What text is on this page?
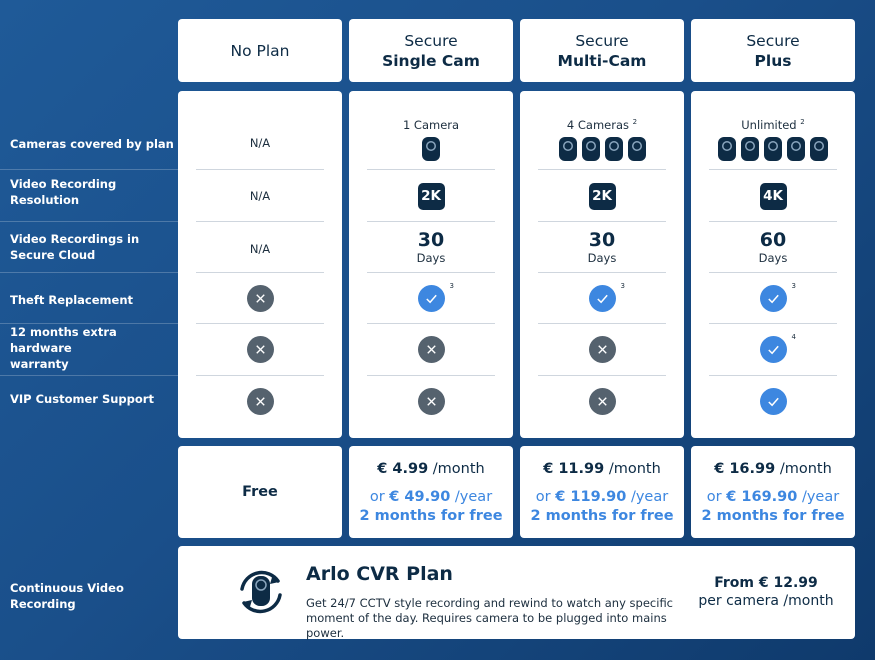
Cameras covered by plan
Video Recording Resolution
Video Recordings in Secure Cloud
Theft Replacement
12 months extra hardware warranty
VIP Customer Support
Continuous Video Recording
No Plan
N/A
N/A
N/A
Free
Secure
Single Cam
1 Camera
2K
30
Days
3
€ 4.99 /month
or € 49.90 /year
2 months for free
Secure
Multi-Cam
4 Cameras $^2$
2K
30
Days
3
€ 11.99 /month
or € 119.90 /year
2 months for free
Secure
Plus
Unlimited $^2$
4K
60
Days
3
4
€ 16.99 /month
or € 169.90 /year
2 months for free
Arlo CVR Plan
Get 24/7 CCTV style recording and rewind to watch any specific moment of the day. Requires camera to be plugged into mains power.
From € 12.99
per camera /month
